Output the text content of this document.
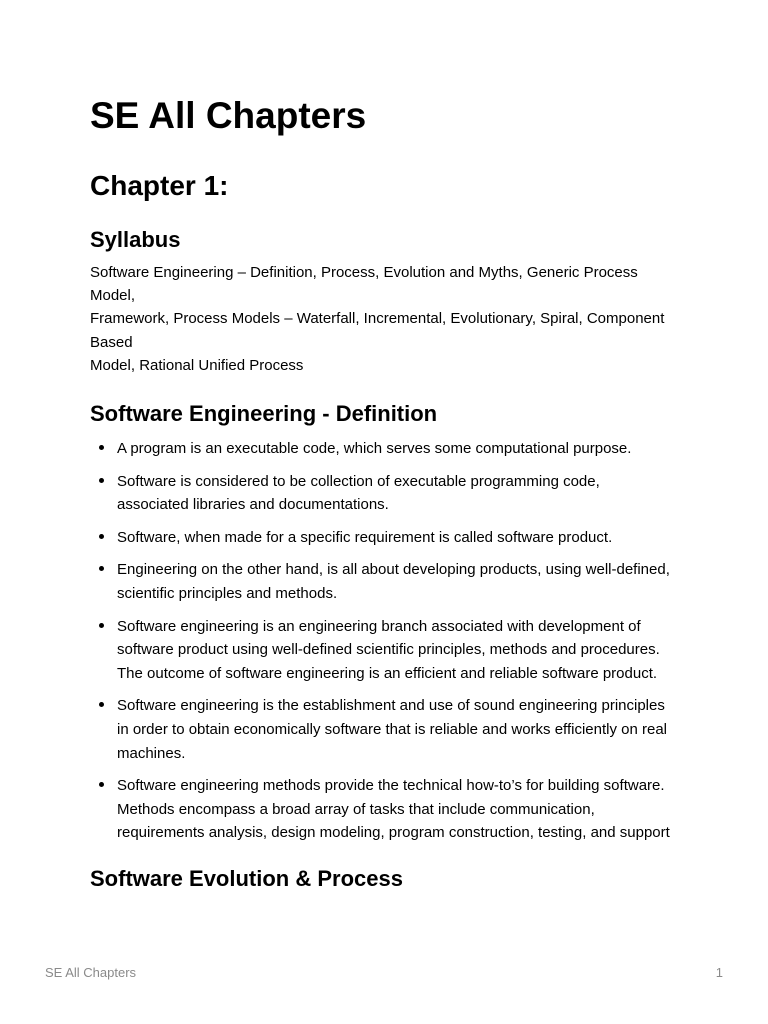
SE All Chapters
Chapter 1:
Syllabus

Software Engineering – Definition, Process, Evolution and Myths, Generic Process
Model,
Framework, Process Models – Waterfall, Incremental, Evolutionary, Spiral, Component
Based
Model, Rational Unified Process

Software Engineering - Definition
A program is an executable code, which serves some computational purpose.
Software is considered to be collection of executable programming code,
associated libraries and documentations.
Software, when made for a specific requirement is called software product.
Engineering on the other hand, is all about developing products, using well-defined,
scientific principles and methods.
Software engineering is an engineering branch associated with development of
software product using well-defined scientific principles, methods and procedures.
The outcome of software engineering is an efficient and reliable software product.
Software engineering is the establishment and use of sound engineering principles
in order to obtain economically software that is reliable and works efficiently on real
machines.
Software engineering methods provide the technical how-to’s for building software.
Methods encompass a broad array of tasks that include communication,
requirements analysis, design modeling, program construction, testing, and support
Software Evolution & Process
SE All Chapters	1
